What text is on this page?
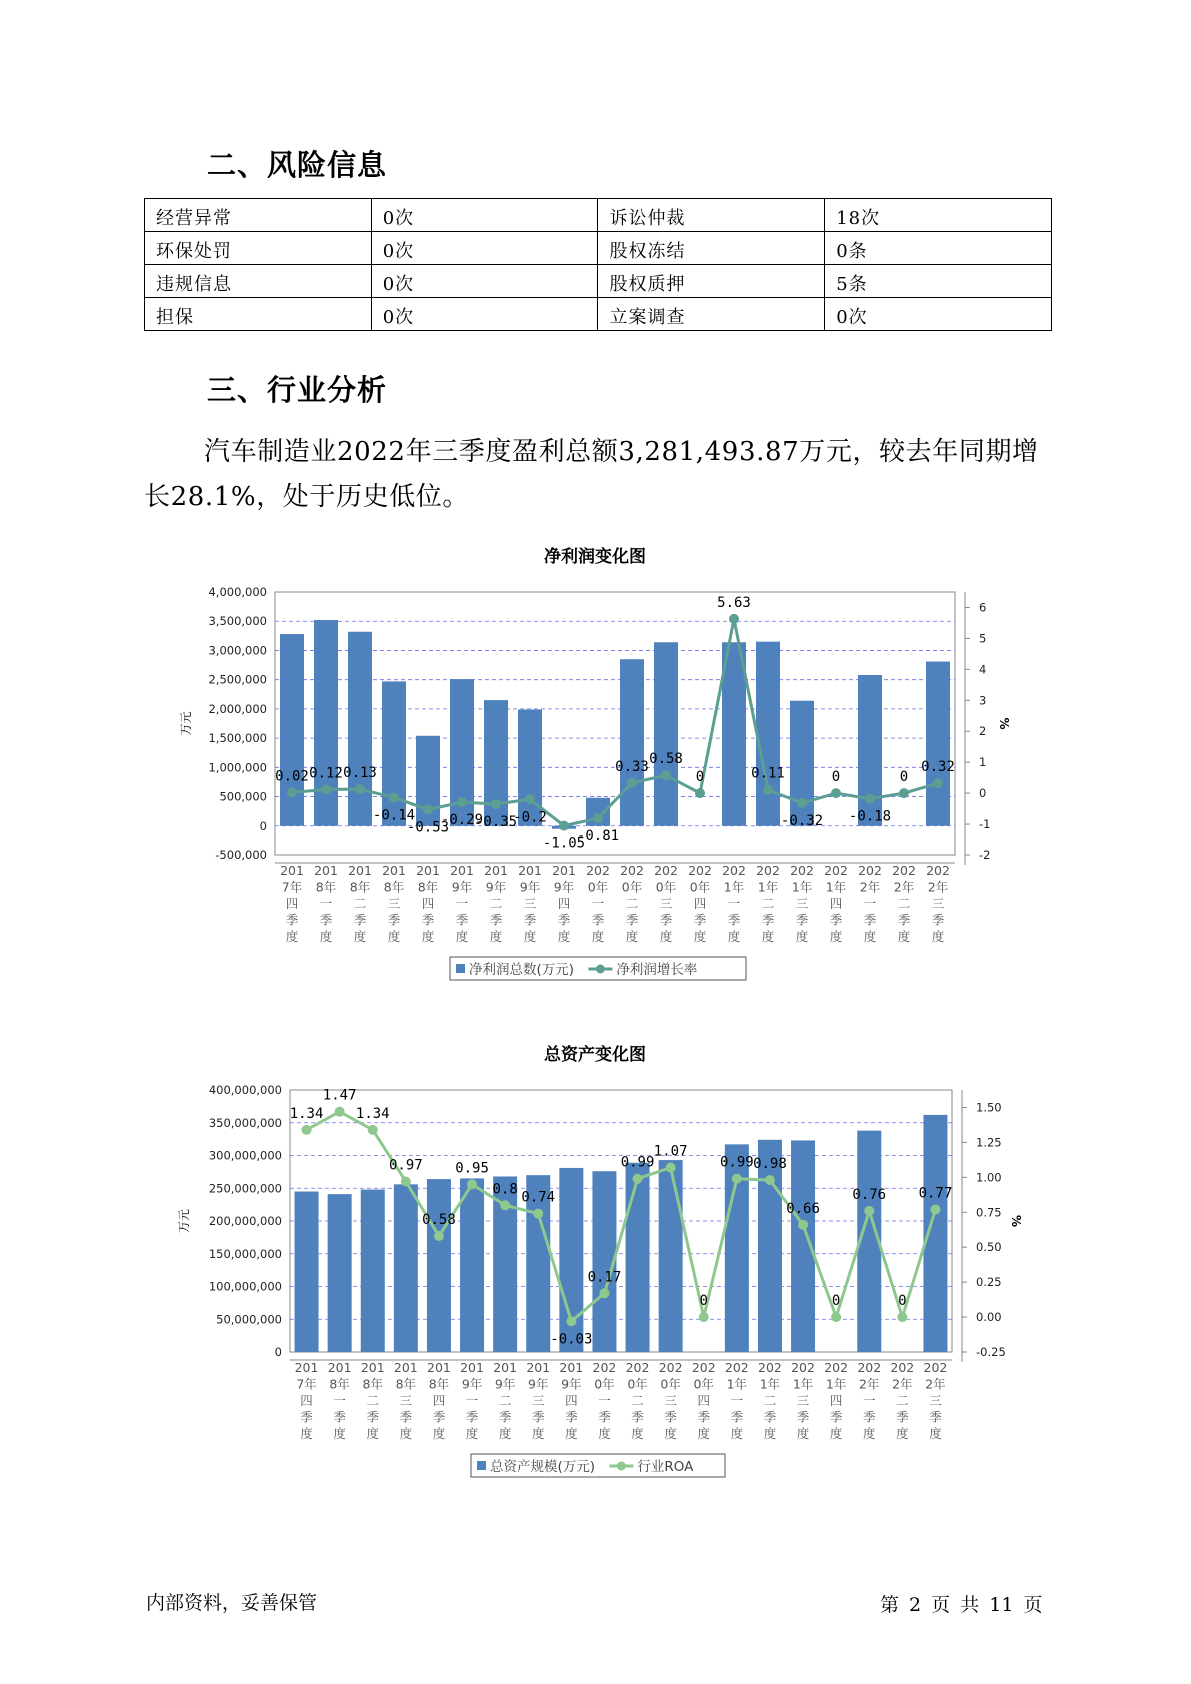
二、风险信息
经营异常	0次	诉讼仲裁	18次
环保处罚	0次	股权冻结	0条
违规信息	0次	股权质押	5条
担保	0次	立案调查	0次
三、行业分析
汽车制造业2022年三季度盈利总额3,281,493.87万元，较去年同期增长28.1%，处于历史低位。
净利润变化图
4,000,000
3,500,000
3,000,000
2,500,000
2,000,000
1,500,000
1,000,000
500,000
0
-500,000
6
5
4
3
2
1
0
-1
-2
万元	%
0.02 0.12 0.13
-0.14
-0.53
-0.29
-0.35
-0.2
-1.05
-0.81
0.33 0.58
0
5.63
0.11
-0.32
0
-0.18
0
0.32
201 7年四季度
201 8年一季度
201 8年二季度
201 8年三季度
201 8年四季度
201 9年一季度
201 9年二季度
201 9年三季度
201 9年四季度
202 0年一季度
202 0年二季度
202 0年三季度
202 0年四季度
202 1年一季度
202 1年二季度
202 1年三季度
202 1年四季度
202 2年一季度
202 2年二季度
202 2年三季度
净利润总数(万元)	净利润增长率
总资产变化图
400,000,000
350,000,000
300,000,000
250,000,000
200,000,000
150,000,000
100,000,000
50,000,000
0
1.50
1.25
1.00
0.75
0.50
0.25
0.00
-0.25
万元	%
1.34
1.47
1.34
0.97
0.58
0.95
0.8
0.74
-0.03
0.17
0.99
1.07
0
0.99 0.98
0.66
0
0.76
0
0.77
201 7年四季度
201 8年一季度
201 8年二季度
201 8年三季度
201 8年四季度
201 9年一季度
201 9年二季度
201 9年三季度
201 9年四季度
202 0年一季度
202 0年二季度
202 0年三季度
202 0年四季度
202 1年一季度
202 1年二季度
202 1年三季度
202 1年四季度
202 2年一季度
202 2年二季度
202 2年三季度
总资产规模(万元)	行业ROA
内部资料，妥善保管	第 2 页 共 11 页
